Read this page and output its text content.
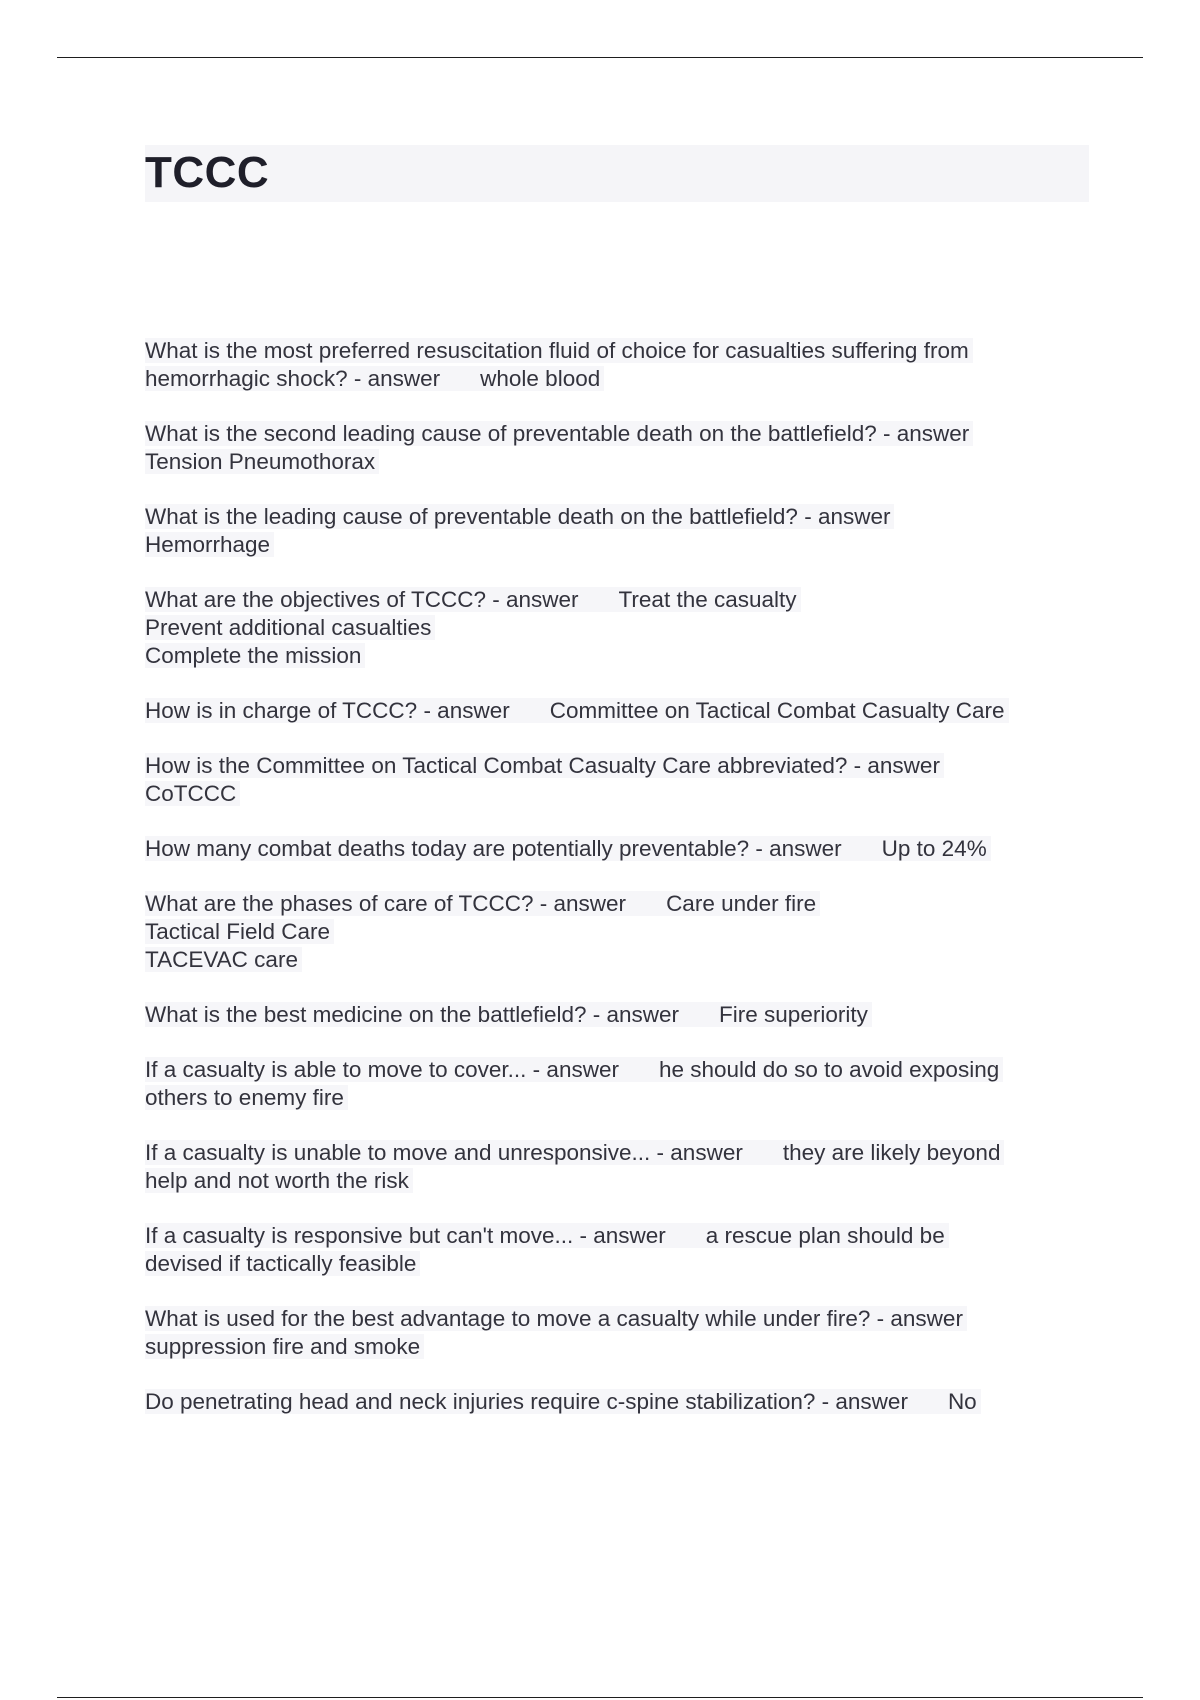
TCCC
What is the most preferred resuscitation fluid of choice for casualties suffering from
hemorrhagic shock? - answer whole blood
What is the second leading cause of preventable death on the battlefield? - answer
Tension Pneumothorax
What is the leading cause of preventable death on the battlefield? - answer
Hemorrhage
What are the objectives of TCCC? - answer Treat the casualty
Prevent additional casualties
Complete the mission
How is in charge of TCCC? - answer Committee on Tactical Combat Casualty Care
How is the Committee on Tactical Combat Casualty Care abbreviated? - answer
CoTCCC
How many combat deaths today are potentially preventable? - answer Up to 24%
What are the phases of care of TCCC? - answer Care under fire
Tactical Field Care
TACEVAC care
What is the best medicine on the battlefield? - answer Fire superiority
If a casualty is able to move to cover... - answer he should do so to avoid exposing
others to enemy fire
If a casualty is unable to move and unresponsive... - answer they are likely beyond
help and not worth the risk
If a casualty is responsive but can't move... - answer a rescue plan should be
devised if tactically feasible
What is used for the best advantage to move a casualty while under fire? - answer
suppression fire and smoke
Do penetrating head and neck injuries require c-spine stabilization? - answer No
